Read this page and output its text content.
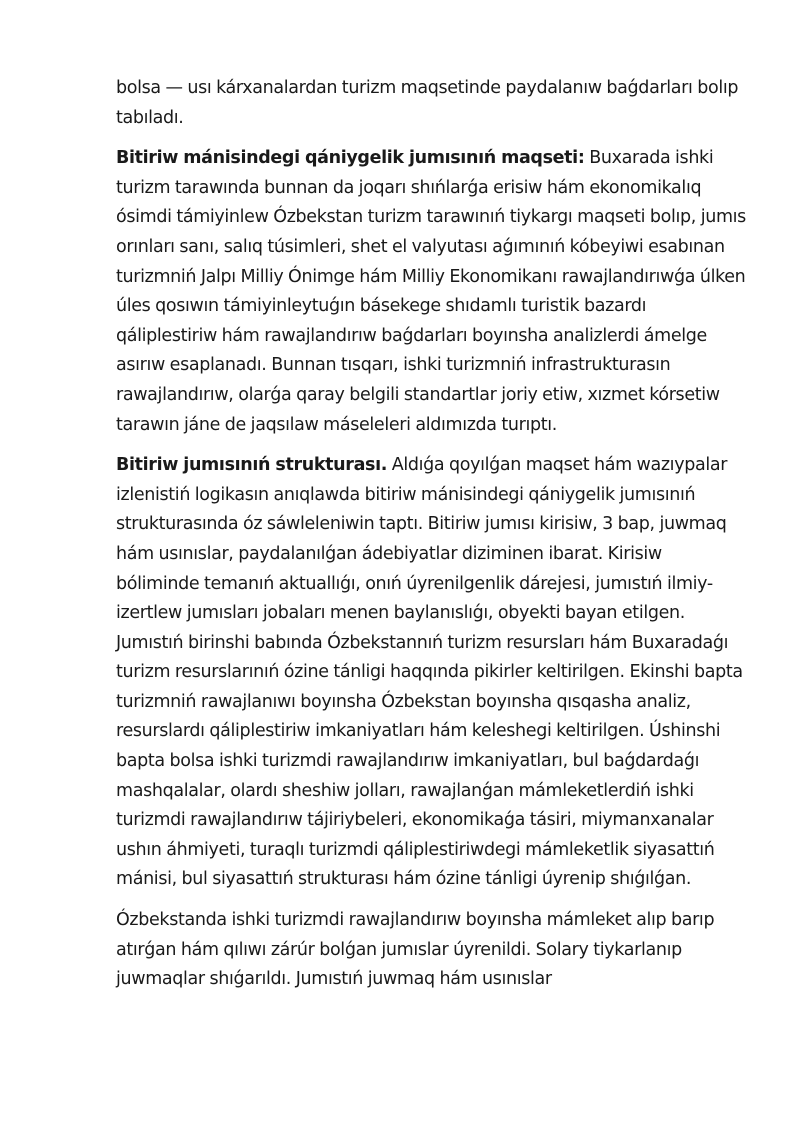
bolsa — usı kárxanalardan turizm maqsetinde paydalanıw baǵdarları bolıp tabıladı.

Bitiriw mánisindegi qániygelik jumısınıń maqseti: Buxarada ishki turizm tarawında bunnan da joqarı shıńlarǵa erisiw hám ekonomikalıq ósimdi támiyinlew Ózbekstan turizm tarawınıń tiykargı maqseti bolıp, jumıs orınları sanı, salıq túsimleri, shet el valyutası aǵımınıń kóbeyiwi esabınan turizmniń Jalpı Milliy Ónimge hám Milliy Ekonomikanı rawajlandırıwǵa úlken úles qosıwın támiyinleytuǵın básekege shıdamlı turistik bazardı qáliplestiriw hám rawajlandırıw baǵdarları boyınsha analizlerdi ámelge asırıw esaplanadı. Bunnan tısqarı, ishki turizmniń infrastrukturasın rawajlandırıw, olarǵa qaray belgili standartlar joriy etiw, xızmet kórsetiw tarawın jáne de jaqsılaw máseleleri aldımızda turıptı.

Bitiriw jumısınıń strukturası. Aldıǵa qoyılǵan maqset hám wazıypalar izlenistiń logikasın anıqlawda bitiriw mánisindegi qániygelik jumısınıń strukturasında óz sáwleleniwin taptı. Bitiriw jumısı kirisiw, 3 bap, juwmaq hám usınıslar, paydalanılǵan ádebiyatlar diziminen ibarat. Kirisiw bóliminde temanıń aktuallıǵı, onıń úyrenilgenlik dárejesi, jumıstıń ilmiy-izertlew jumısları jobaları menen baylanıslıǵı, obyekti bayan etilgen. Jumıstıń birinshi babında Ózbekstannıń turizm resursları hám Buxaradaǵı turizm resurslarınıń ózine tánligi haqqında pikirler keltirilgen. Ekinshi bapta turizmniń rawajlanıwı boyınsha Ózbekstan boyınsha qısqasha analiz, resurslardı qáliplestiriw imkaniyatları hám keleshegi keltirilgen. Úshinshi bapta bolsa ishki turizmdi rawajlandırıw imkaniyatları, bul baǵdardaǵı mashqalalar, olardı sheshiw jolları, rawajlanǵan mámleketlerdiń ishki turizmdi rawajlandırıw tájiriybeleri, ekonomikaǵa tásiri, miymanxanalar ushın áhmiyeti, turaqlı turizmdi qáliplestiriwdegi mámleketlik siyasattıń mánisi, bul siyasattıń strukturası hám ózine tánligi úyrenip shıǵılǵan.

Ózbekstanda ishki turizmdi rawajlandırıw boyınsha mámleket alıp barıp atırǵan hám qılıwı zárúr bolǵan jumıslar úyrenildi. Solary tiykarlanıp juwmaqlar shıǵarıldı. Jumıstıń juwmaq hám usınıslar
